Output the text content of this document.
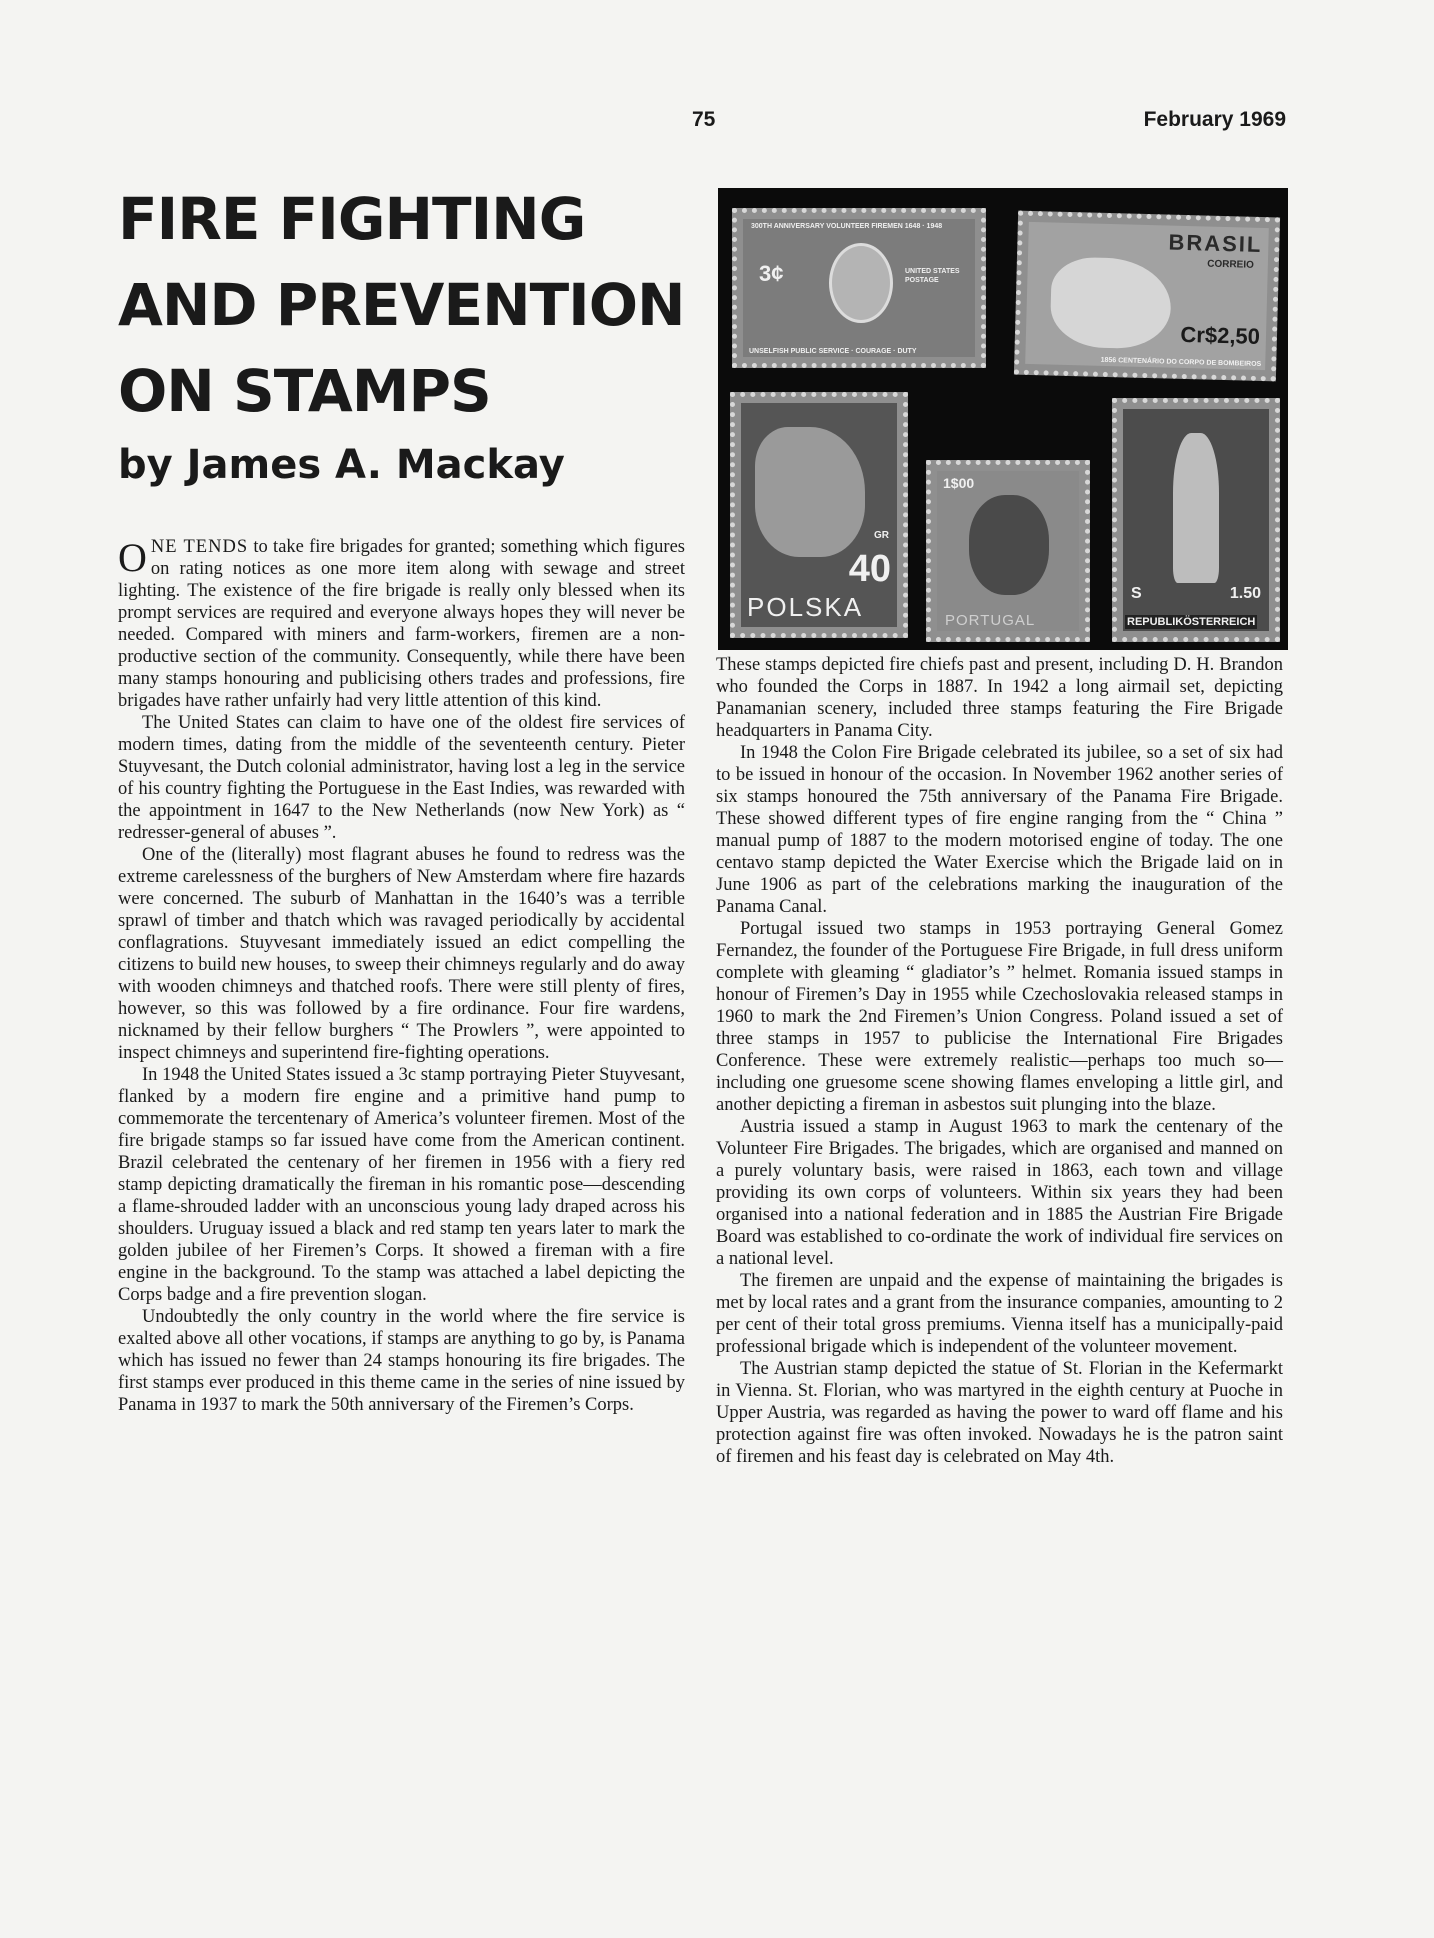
75	February 1969
FIRE FIGHTING
AND PREVENTION
ON STAMPS
by James A. Mackay
300TH ANNIVERSARY VOLUNTEER FIREMEN 1648 · 1948
3¢	UNITED STATES POSTAGE
UNSELFISH PUBLIC SERVICE · COURAGE · DUTY
BRASIL
CORREIO
Cr$2,50
1856 CENTENÁRIO DO CORPO DE BOMBEIROS
40
GR
POLSKA
1$00
PORTUGAL
S	1.50
REPUBLIKÖSTERREICH

ONE TENDS to take fire brigades for granted; something which figures on rating notices as one more item along with sewage and street lighting. The existence of the fire brigade is really only blessed when its prompt services are required and everyone always hopes they will never be needed. Compared with miners and farm-workers, firemen are a non-productive section of the community. Consequently, while there have been many stamps honouring and publicising others trades and professions, fire brigades have rather unfairly had very little attention of this kind.

The United States can claim to have one of the oldest fire services of modern times, dating from the middle of the seventeenth century. Pieter Stuyvesant, the Dutch colonial administrator, having lost a leg in the service of his country fighting the Portuguese in the East Indies, was rewarded with the appointment in 1647 to the New Netherlands (now New York) as “ redresser-general of abuses ”.

One of the (literally) most flagrant abuses he found to redress was the extreme carelessness of the burghers of New Amsterdam where fire hazards were concerned. The suburb of Manhattan in the 1640’s was a terrible sprawl of timber and thatch which was ravaged periodically by accidental conflagrations. Stuyvesant immediately issued an edict compelling the citizens to build new houses, to sweep their chimneys regularly and do away with wooden chimneys and thatched roofs. There were still plenty of fires, however, so this was followed by a fire ordinance. Four fire wardens, nicknamed by their fellow burghers “ The Prowlers ”, were appointed to inspect chimneys and superintend fire-fighting operations.

In 1948 the United States issued a 3c stamp portraying Pieter Stuyvesant, flanked by a modern fire engine and a primitive hand pump to commemorate the tercentenary of America’s volunteer firemen. Most of the fire brigade stamps so far issued have come from the American continent. Brazil celebrated the centenary of her firemen in 1956 with a fiery red stamp depicting dramatically the fireman in his romantic pose—descending a flame-shrouded ladder with an unconscious young lady draped across his shoulders. Uruguay issued a black and red stamp ten years later to mark the golden jubilee of her Firemen’s Corps. It showed a fireman with a fire engine in the background. To the stamp was attached a label depicting the Corps badge and a fire prevention slogan.

Undoubtedly the only country in the world where the fire service is exalted above all other vocations, if stamps are anything to go by, is Panama which has issued no fewer than 24 stamps honouring its fire brigades. The first stamps ever produced in this theme came in the series of nine issued by Panama in 1937 to mark the 50th anniversary of the Firemen’s Corps.

These stamps depicted fire chiefs past and present, including D. H. Brandon who founded the Corps in 1887. In 1942 a long airmail set, depicting Panamanian scenery, included three stamps featuring the Fire Brigade headquarters in Panama City.

In 1948 the Colon Fire Brigade celebrated its jubilee, so a set of six had to be issued in honour of the occasion. In November 1962 another series of six stamps honoured the 75th anniversary of the Panama Fire Brigade. These showed different types of fire engine ranging from the “ China ” manual pump of 1887 to the modern motorised engine of today. The one centavo stamp depicted the Water Exercise which the Brigade laid on in June 1906 as part of the celebrations marking the inauguration of the Panama Canal.

Portugal issued two stamps in 1953 portraying General Gomez Fernandez, the founder of the Portuguese Fire Brigade, in full dress uniform complete with gleaming “ gladiator’s ” helmet. Romania issued stamps in honour of Firemen’s Day in 1955 while Czechoslovakia released stamps in 1960 to mark the 2nd Firemen’s Union Congress. Poland issued a set of three stamps in 1957 to publicise the International Fire Brigades Conference. These were extremely realistic—perhaps too much so—including one gruesome scene showing flames enveloping a little girl, and another depicting a fireman in asbestos suit plunging into the blaze.

Austria issued a stamp in August 1963 to mark the centenary of the Volunteer Fire Brigades. The brigades, which are organised and manned on a purely voluntary basis, were raised in 1863, each town and village providing its own corps of volunteers. Within six years they had been organised into a national federation and in 1885 the Austrian Fire Brigade Board was established to co-ordinate the work of individual fire services on a national level.

The firemen are unpaid and the expense of maintaining the brigades is met by local rates and a grant from the insurance companies, amounting to 2 per cent of their total gross premiums. Vienna itself has a municipally-paid professional brigade which is independent of the volunteer movement.

The Austrian stamp depicted the statue of St. Florian in the Kefermarkt in Vienna. St. Florian, who was martyred in the eighth century at Puoche in Upper Austria, was regarded as having the power to ward off flame and his protection against fire was often invoked. Nowadays he is the patron saint of firemen and his feast day is celebrated on May 4th.
